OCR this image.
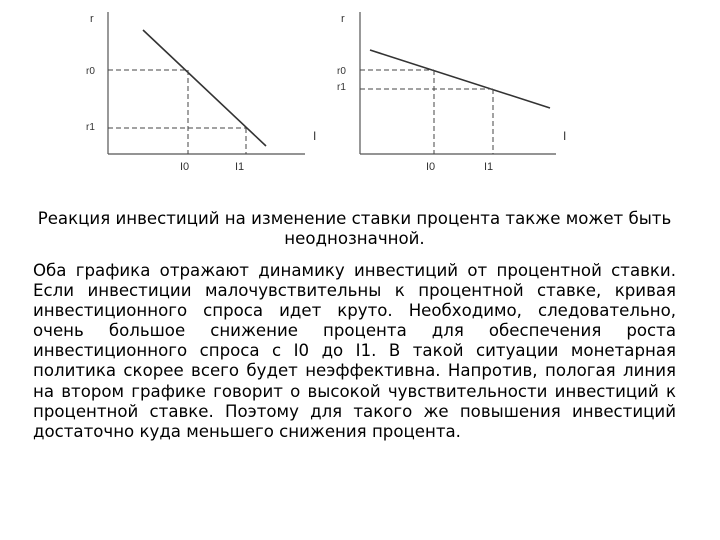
r
I
r0
r1
I0	I1
r
I
r0
r1
I0	I1
Реакция инвестиций на изменение ставки процента также может быть неоднозначной.
Оба графика отражают динамику инвестиций от процентной ставки. Если инвестиции малочувствительны к процентной ставке, кривая инвестиционного спроса идет круто. Необходимо, следовательно, очень большое снижение процента для обеспечения роста инвестиционного спроса с I0 до I1. В такой ситуации монетарная политика скорее всего будет неэффективна. Напротив, пологая линия на втором графике говорит о высокой чувствительности инвестиций к процентной ставке. Поэтому для такого же повышения инвестиций достаточно куда меньшего снижения процента.
